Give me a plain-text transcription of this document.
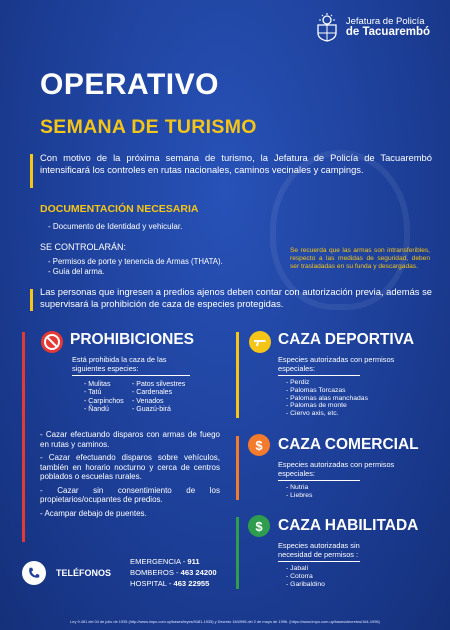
Jefatura de Policía
de Tacuarembó
OPERATIVO
SEMANA DE TURISMO
Con motivo de la próxima semana de turismo, la Jefatura de Policía de Tacuarembó intensificará los controles en rutas nacionales, caminos vecinales y campings.
DOCUMENTACIÓN NECESARIA
- Documento de Identidad y vehicular.
SE CONTROLARÁN:
- Permisos de porte y tenencia de Armas (THATA).
- Guía del arma.
Se recuerda que las armas son intransferibles, respecto a las medidas de seguridad, deben ser trasladadas en su funda y descargadas.
Las personas que ingresen a predios ajenos deben contar con autorización previa, además se supervisará la prohibición de caza de especies protegidas.
PROHIBICIONES
Está prohibida la caza de las siguientes especies:
- Mulitas
- Tatú
- Carpinchos
- Ñandú
- Patos silvestres
- Cardenales
- Venados
- Guazú-birá

- Cazar efectuando disparos con armas de fuego en rutas y caminos.

- Cazar efectuando disparos sobre vehículos, también en horario nocturno y cerca de centros poblados o escuelas rurales.

- Cazar sin consentimiento de los propietarios/ocupantes de predios.

- Acampar debajo de puentes.

CAZA DEPORTIVA
Especies autorizadas con permisos especiales:
- Perdiz
- Palomas Torcazas
- Palomas alas manchadas
- Palomas de monte
- Ciervo axis, etc.
$ CAZA COMERCIAL
Especies autorizadas con permisos especiales:
- Nutria
- Liebres
$ CAZA HABILITADA
Especies autorizadas sin necesidad de permisos :
- Jabalí
- Cotorra
- Garibaldino
TELÉFONOS
EMERGENCIA - 911
BOMBEROS - 463 24200
HOSPITAL - 463 22955
Ley 9.481 del 04 de julio de 1935 (http://www.impo.com.uy/bases/leyes/9481-1935) y Decreto 164/996 del 2 de mayo de 1996. (https://www.impo.com.uy/bases/decretos/164-1996)
